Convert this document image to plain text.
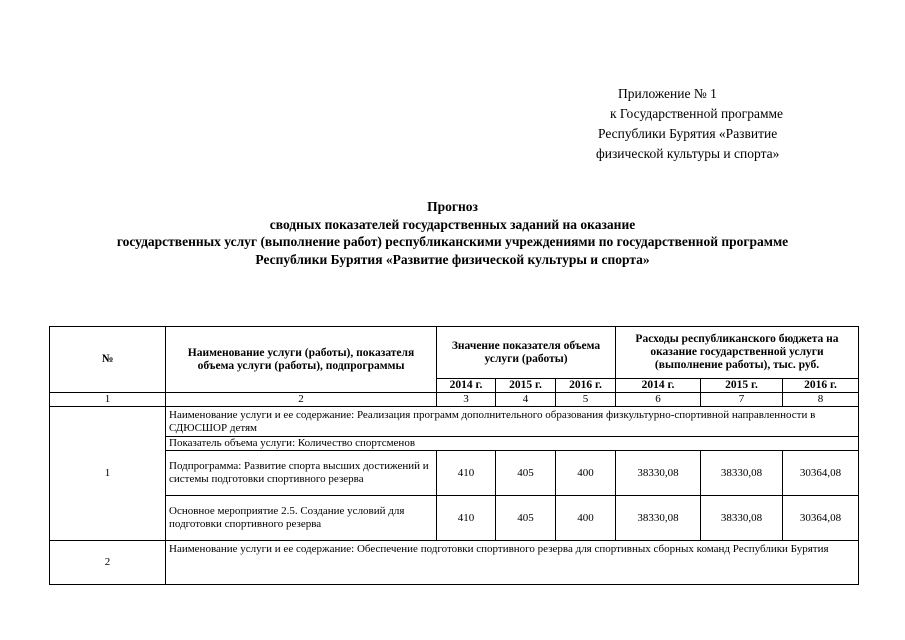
Приложение № 1
к Государственной программе
Республики Бурятия «Развитие
физической культуры и спорта»
Прогноз
сводных показателей государственных заданий на оказание
государственных услуг (выполнение работ) республиканскими учреждениями по государственной программе
Республики Бурятия «Развитие физической культуры и спорта»
№	Наименование услуги (работы), показателя объема услуги (работы), подпрограммы	Значение показателя объема услуги (работы)			Расходы республиканского бюджета на оказание государственной услуги (выполнение работы), тыс. руб.		
		2014 г.	2015 г.	2016 г.	2014 г.	2015 г.	2016 г.
1	2	3	4	5	6	7	8
1	Наименование услуги и ее содержание: Реализация программ дополнительного образования физкультурно-спортивной направленности в СДЮСШОР детям						
	Показатель объема услуги: Количество спортсменов						
	Подпрограмма: Развитие спорта высших достижений и системы подготовки спортивного резерва	410	405	400	38330,08	38330,08	30364,08
	Основное мероприятие 2.5. Создание условий для подготовки спортивного резерва	410	405	400	38330,08	38330,08	30364,08
2	Наименование услуги и ее содержание: Обеспечение подготовки спортивного резерва для спортивных сборных команд Республики Бурятия						
